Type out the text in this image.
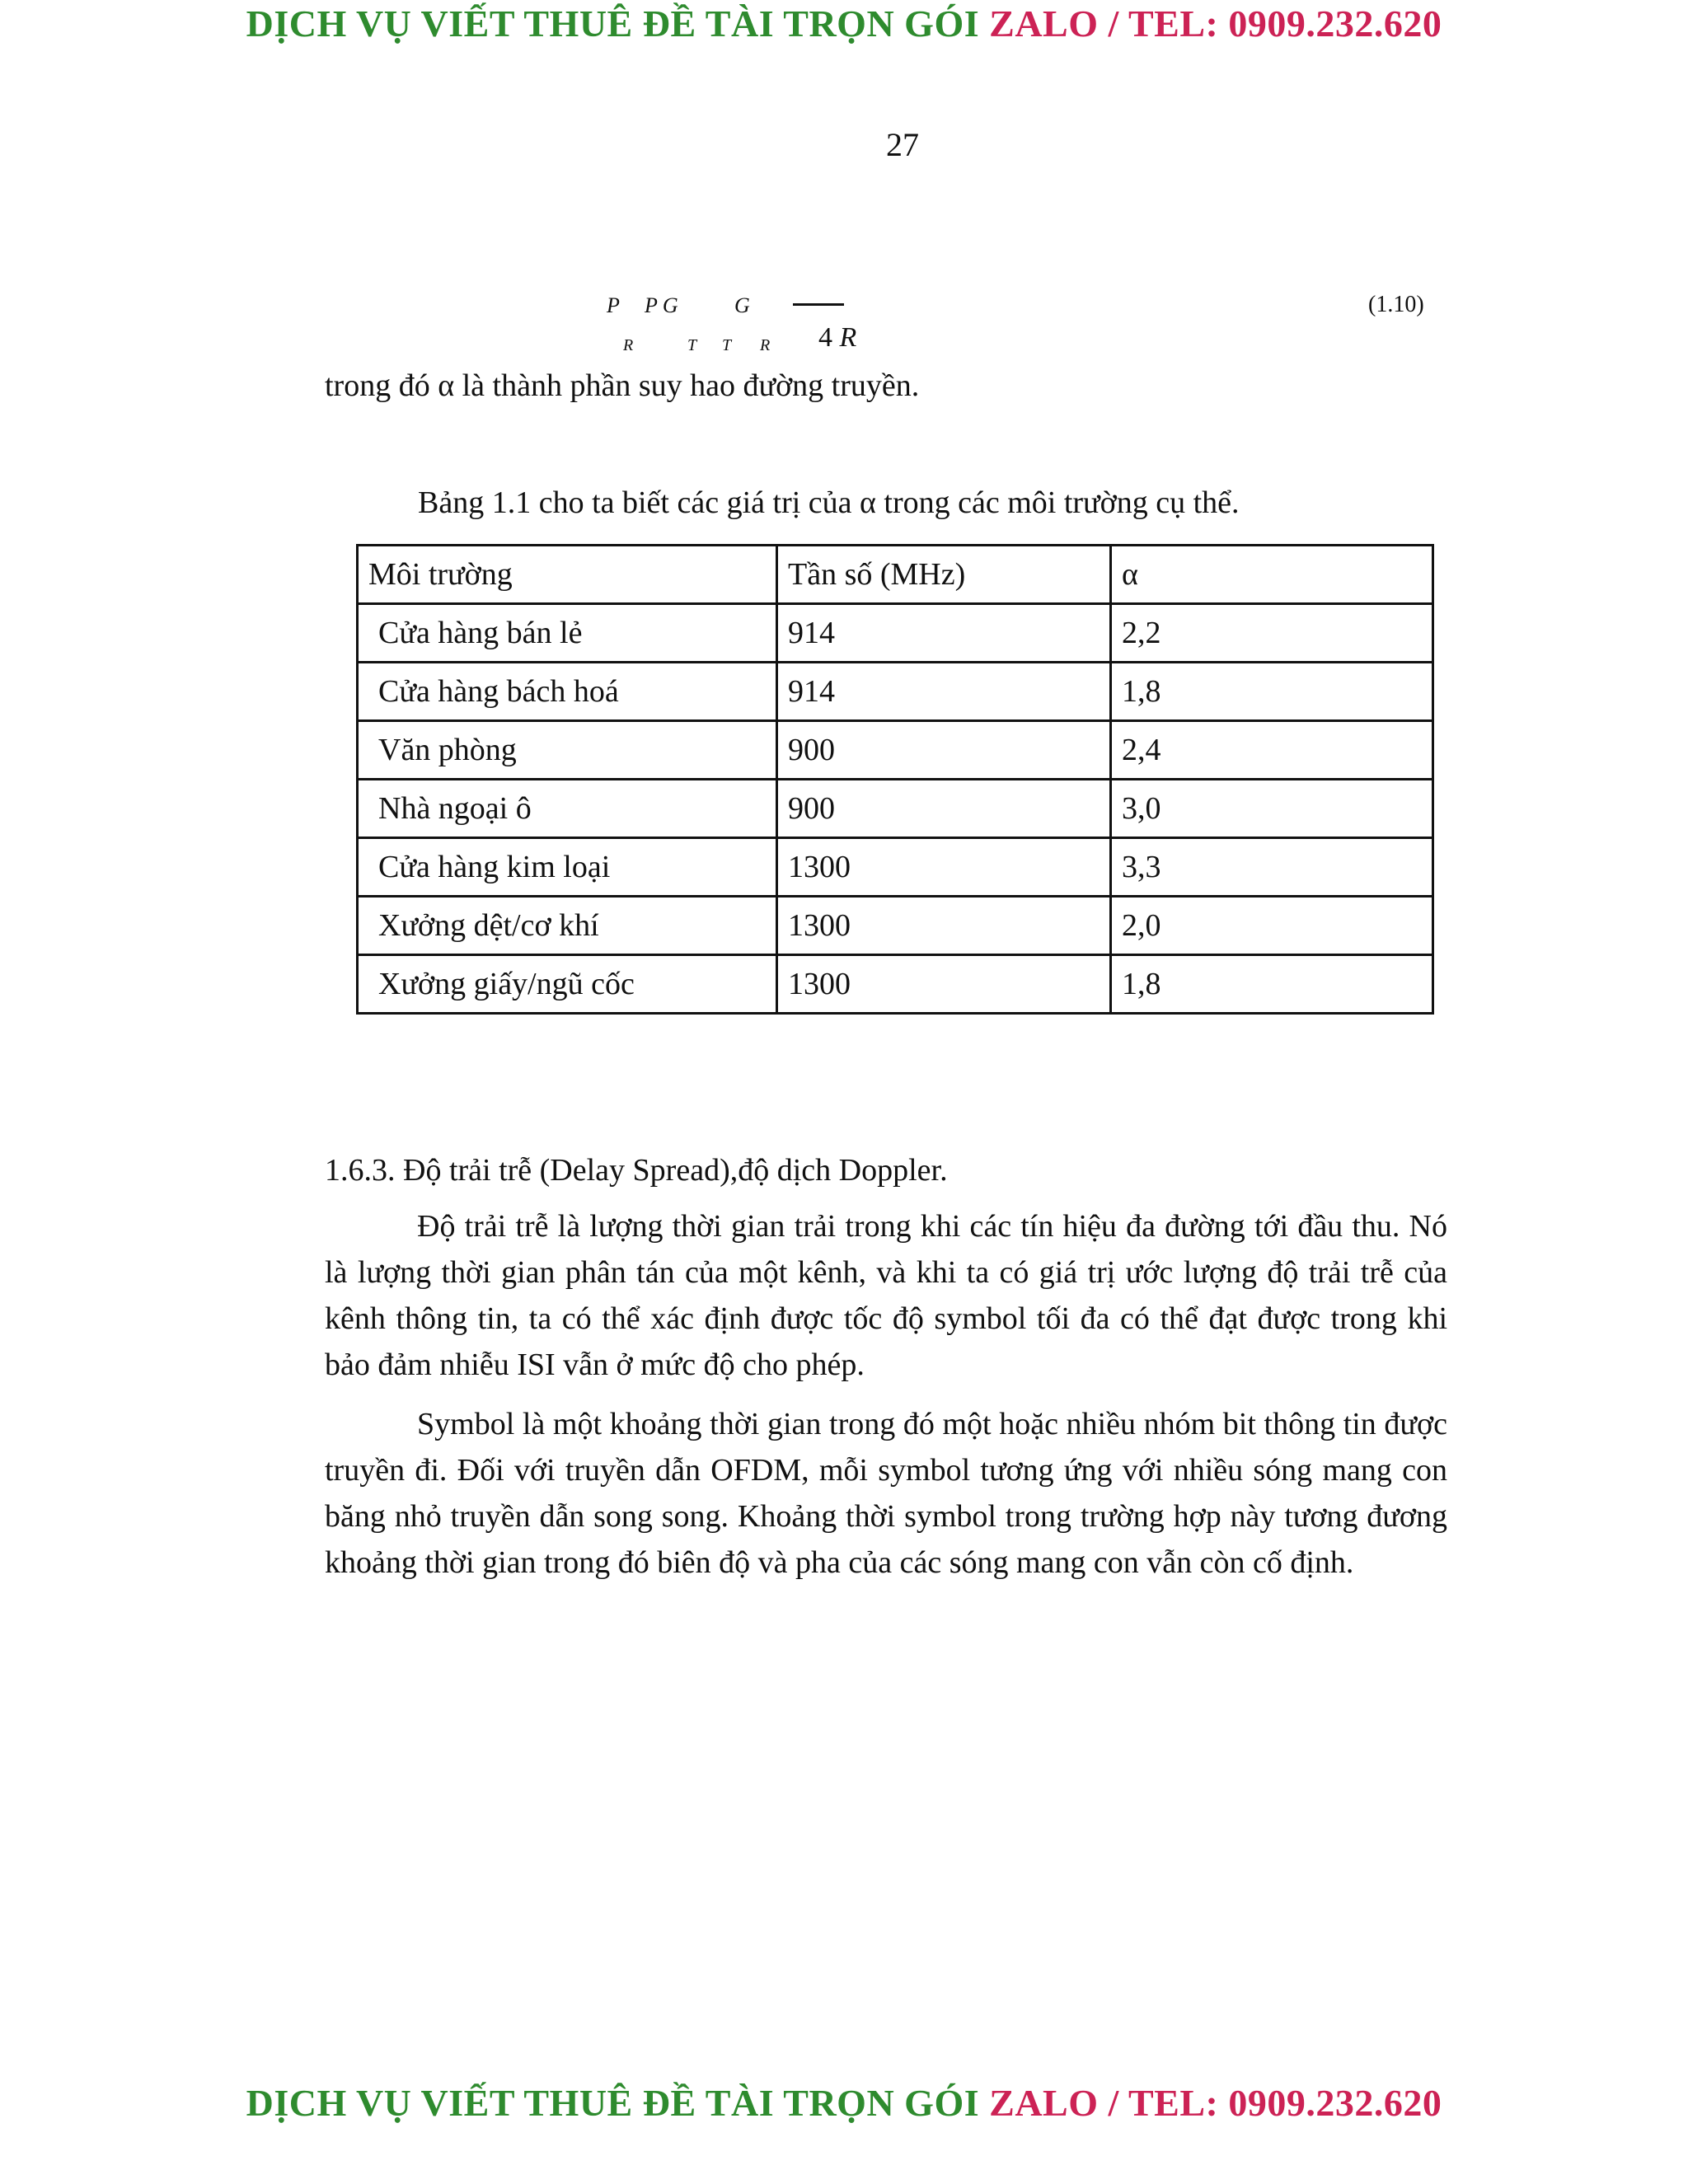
DỊCH VỤ VIẾT THUÊ ĐỀ TÀI TRỌN GÓI ZALO / TEL: 0909.232.620
27
P P G	G
R	T T R 4 R
(1.10)
trong đó α là thành phần suy hao đường truyền.
Bảng 1.1 cho ta biết các giá trị của α trong các môi trường cụ thể.
Môi trường	Tần số (MHz)	α
Cửa hàng bán lẻ	914	2,2
Cửa hàng bách hoá	914	1,8
Văn phòng	900	2,4
Nhà ngoại ô	900	3,0
Cửa hàng kim loại	1300	3,3
Xưởng dệt/cơ khí	1300	2,0
Xưởng giấy/ngũ cốc	1300	1,8
1.6.3. Độ trải trễ (Delay Spread),độ dịch Doppler.

Độ trải trễ là lượng thời gian trải trong khi các tín hiệu đa đường tới đầu thu. Nó là lượng thời gian phân tán của một kênh, và khi ta có giá trị ước lượng độ trải trễ của kênh thông tin, ta có thể xác định được tốc độ symbol tối đa có thể đạt được trong khi bảo đảm nhiễu ISI vẫn ở mức độ cho phép.

Symbol là một khoảng thời gian trong đó một hoặc nhiều nhóm bit thông tin được truyền đi. Đối với truyền dẫn OFDM, mỗi symbol tương ứng với nhiều sóng mang con băng nhỏ truyền dẫn song song. Khoảng thời symbol trong trường hợp này tương đương khoảng thời gian trong đó biên độ và pha của các sóng mang con vẫn còn cố định.

DỊCH VỤ VIẾT THUÊ ĐỀ TÀI TRỌN GÓI ZALO / TEL: 0909.232.620
